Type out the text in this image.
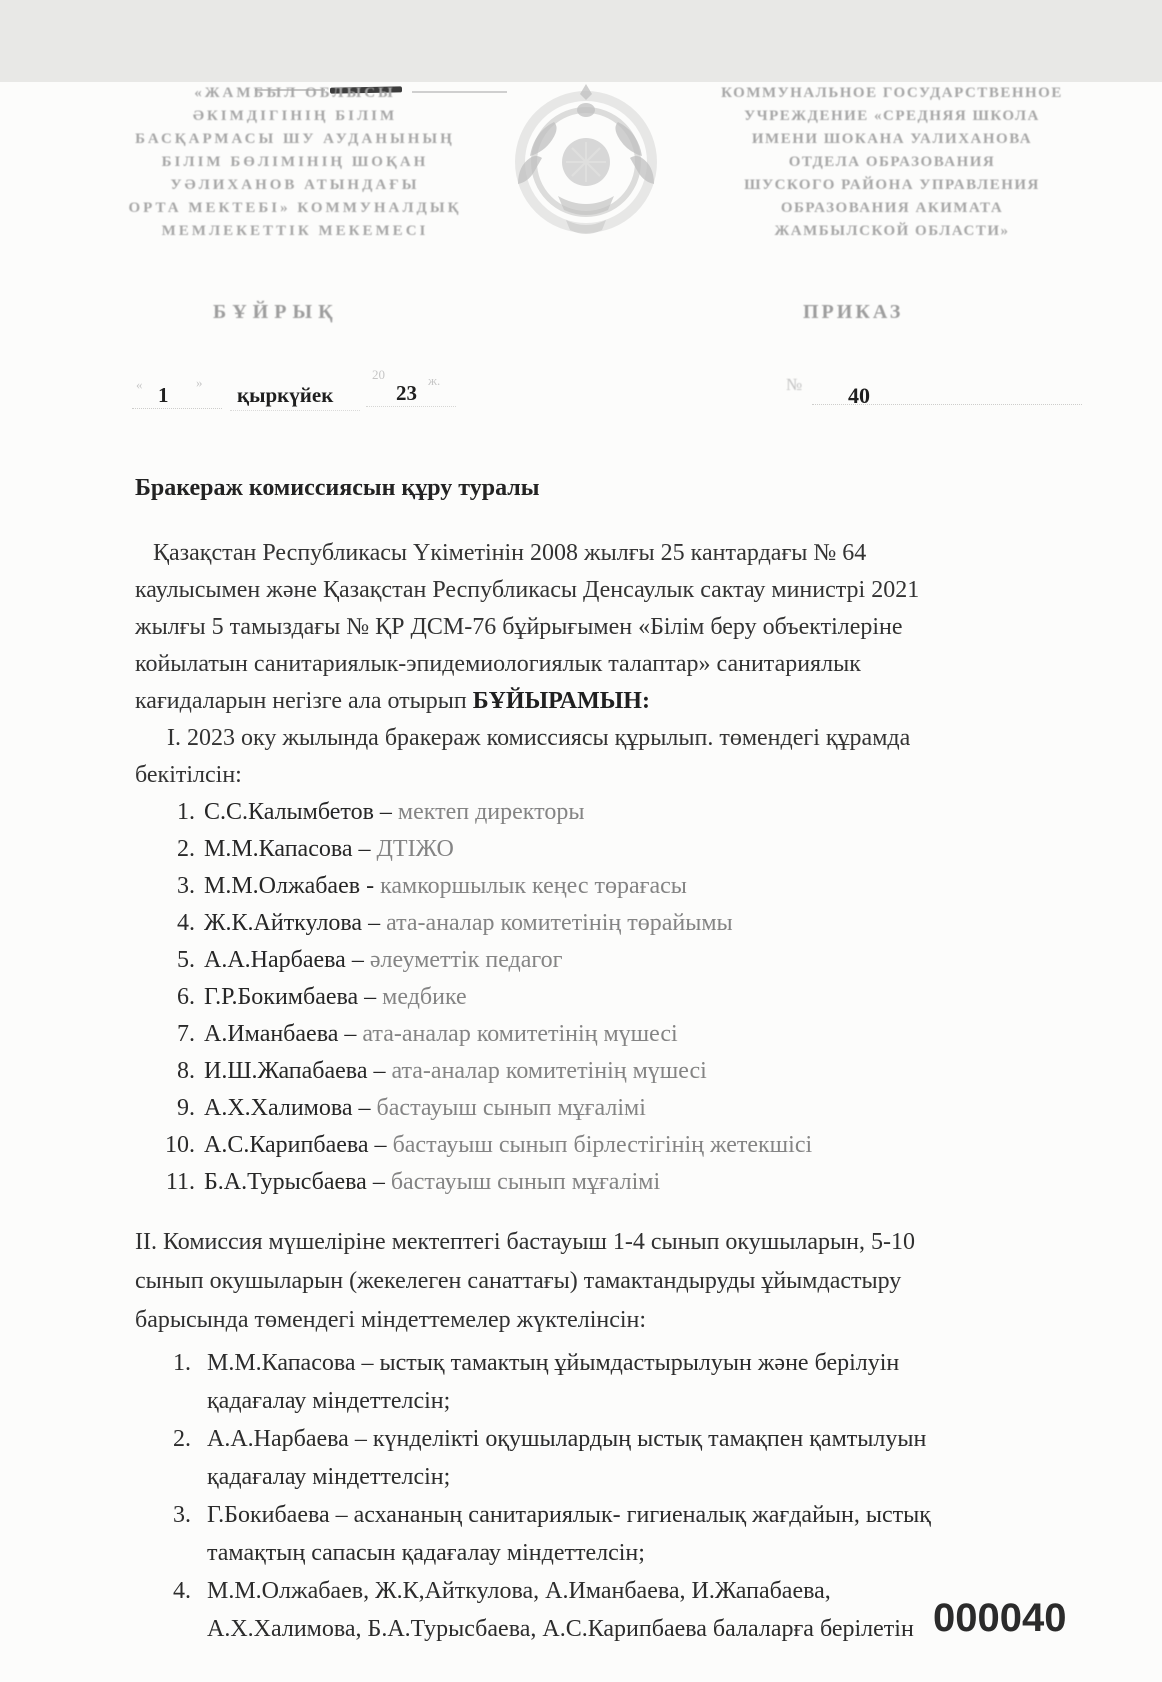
«ЖАМБЫЛ ОБЛЫСЫ
ӘКІМДІГІНІҢ БІЛІМ
БАСҚАРМАСЫ ШУ АУДАНЫНЫҢ
БІЛІМ БӨЛІМІНІҢ ШОҚАН
УӘЛИХАНОВ АТЫНДАҒЫ
ОРТА МЕКТЕБІ» КОММУНАЛДЫҚ
МЕМЛЕКЕТТІК МЕКЕМЕСІ
КОММУНАЛЬНОЕ ГОСУДАРСТВЕННОЕ
УЧРЕЖДЕНИЕ «СРЕДНЯЯ ШКОЛА
ИМЕНИ ШОКАНА УАЛИХАНОВА
ОТДЕЛА ОБРАЗОВАНИЯ
ШУСКОГО РАЙОНА УПРАВЛЕНИЯ
ОБРАЗОВАНИЯ АКИМАТА
ЖАМБЫЛСКОЙ ОБЛАСТИ»
БҰЙРЫҚ	ПРИКАЗ
«	»
1	қыркүйек
20
23
ж.	№ 40
Бракераж комиссиясын құру туралы
Қазақстан Республикасы Үкіметінін 2008 жылғы 25 кантардағы № 64
каулысымен және Қазақстан Республикасы Денсаулык сактау министрі 2021
жылғы 5 тамыздағы № ҚР ДСМ-76 бұйрығымен «Білім беру объектілеріне
койылатын санитариялык-эпидемиологиялык талаптар» санитариялык
кағидаларын негізге ала отырып БҰЙЫРАМЫН:
I. 2023 оку жылында бракераж комиссиясы құрылып. төмендегі құрамда
бекітілсін:
1. С.С.Калымбетов – мектеп директоры
2. М.М.Капасова – ДТІЖО
3. М.М.Олжабаев - камкоршылык кеңес төрағасы
4. Ж.К.Айткулова – ата-аналар комитетінің төрайымы
5. А.А.Нарбаева – әлеуметтік педагог
6. Г.Р.Бокимбаева – медбике
7. А.Иманбаева – ата-аналар комитетінің мүшесі
8. И.Ш.Жапабаева – ата-аналар комитетінің мүшесі
9. А.Х.Халимова – бастауыш сынып мұғалімі
10. А.С.Карипбаева – бастауыш сынып бірлестігінің жетекшісі
11. Б.А.Турысбаева – бастауыш сынып мұғалімі
ІІ. Комиссия мүшеліріне мектептегі бастауыш 1-4 сынып окушыларын, 5-10
сынып окушыларын (жекелеген санаттағы) тамактандыруды ұйымдастыру
барысында төмендегі міндеттемелер жүктелінсін:
1. М.М.Капасова – ыстық тамактың ұйымдастырылуын және берілуін
қадағалау міндеттелсін;
2. А.А.Нарбаева – күнделікті оқушылардың ыстық тамақпен қамтылуын
қадағалау міндеттелсін;
3. Г.Бокибаева – асхананың санитариялык- гигиеналық жағдайын, ыстық
тамақтың сапасын қадағалау міндеттелсін;
4. М.М.Олжабаев, Ж.К,Айткулова, А.Иманбаева, И.Жапабаева,
А.Х.Халимова, Б.А.Турысбаева, А.С.Карипбаева балаларға берілетін 000040
